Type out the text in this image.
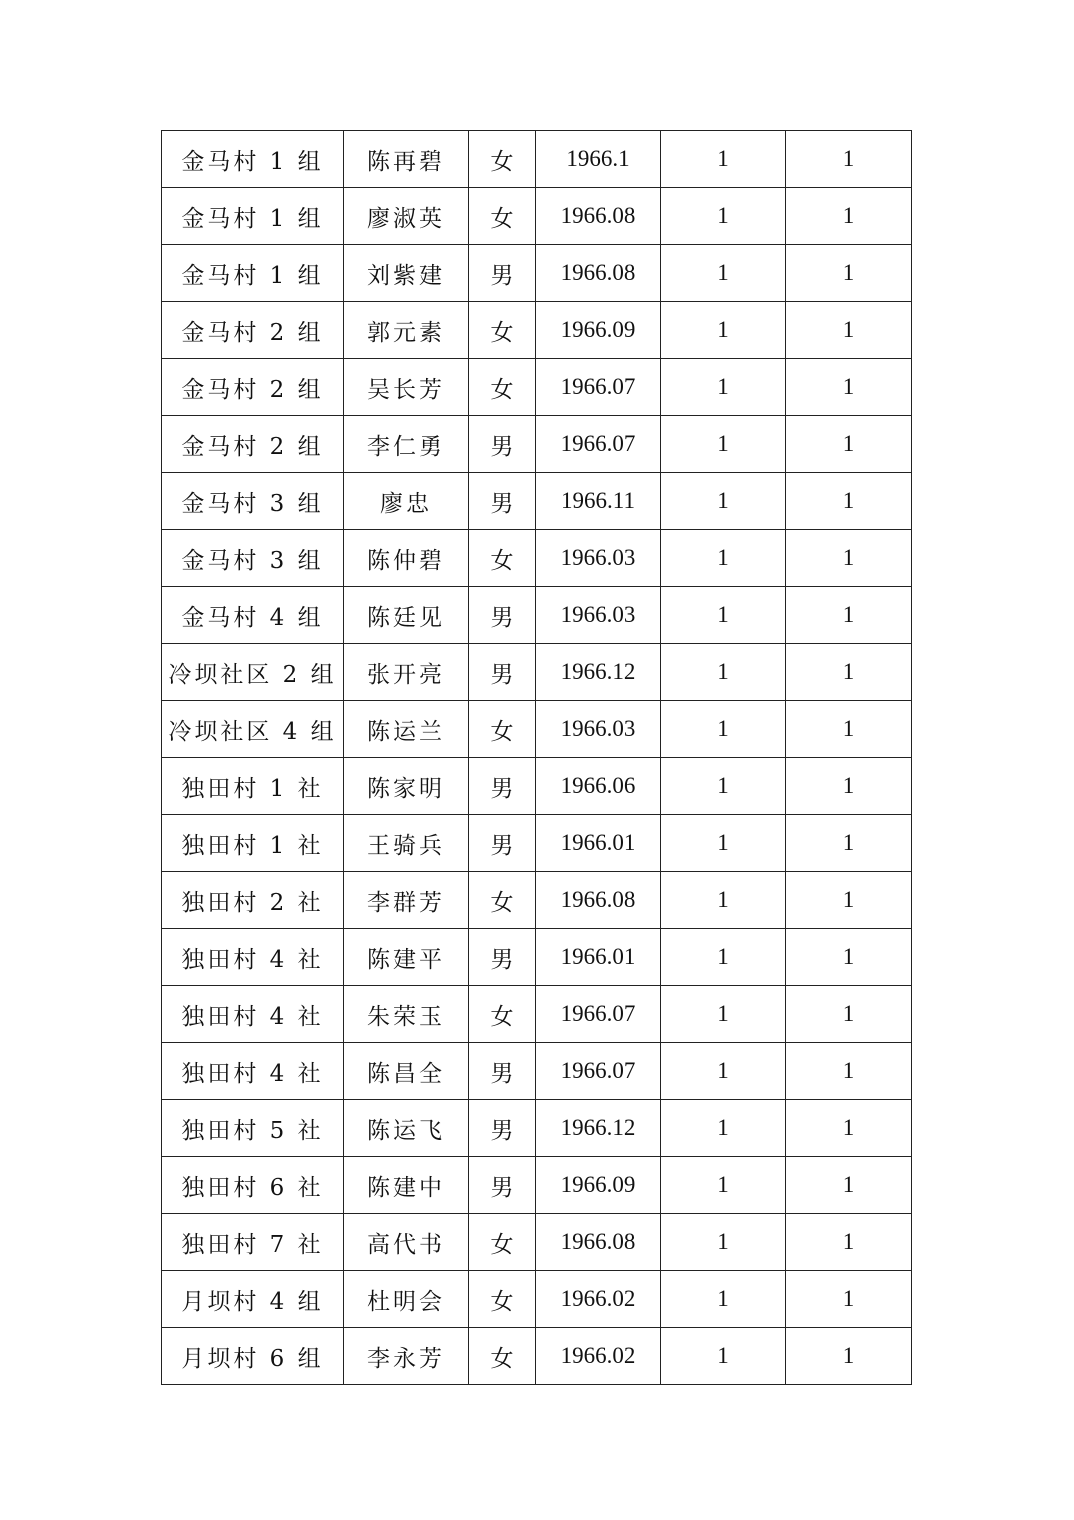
金马村 1 组	陈再碧	女	1966.1	1	1
金马村 1 组	廖淑英	女	1966.08	1	1
金马村 1 组	刘紫建	男	1966.08	1	1
金马村 2 组	郭元素	女	1966.09	1	1
金马村 2 组	吴长芳	女	1966.07	1	1
金马村 2 组	李仁勇	男	1966.07	1	1
金马村 3 组	廖忠	男	1966.11	1	1
金马村 3 组	陈仲碧	女	1966.03	1	1
金马村 4 组	陈廷见	男	1966.03	1	1
冷坝社区 2 组	张开亮	男	1966.12	1	1
冷坝社区 4 组	陈运兰	女	1966.03	1	1
独田村 1 社	陈家明	男	1966.06	1	1
独田村 1 社	王骑兵	男	1966.01	1	1
独田村 2 社	李群芳	女	1966.08	1	1
独田村 4 社	陈建平	男	1966.01	1	1
独田村 4 社	朱荣玉	女	1966.07	1	1
独田村 4 社	陈昌全	男	1966.07	1	1
独田村 5 社	陈运飞	男	1966.12	1	1
独田村 6 社	陈建中	男	1966.09	1	1
独田村 7 社	高代书	女	1966.08	1	1
月坝村 4 组	杜明会	女	1966.02	1	1
月坝村 6 组	李永芳	女	1966.02	1	1
